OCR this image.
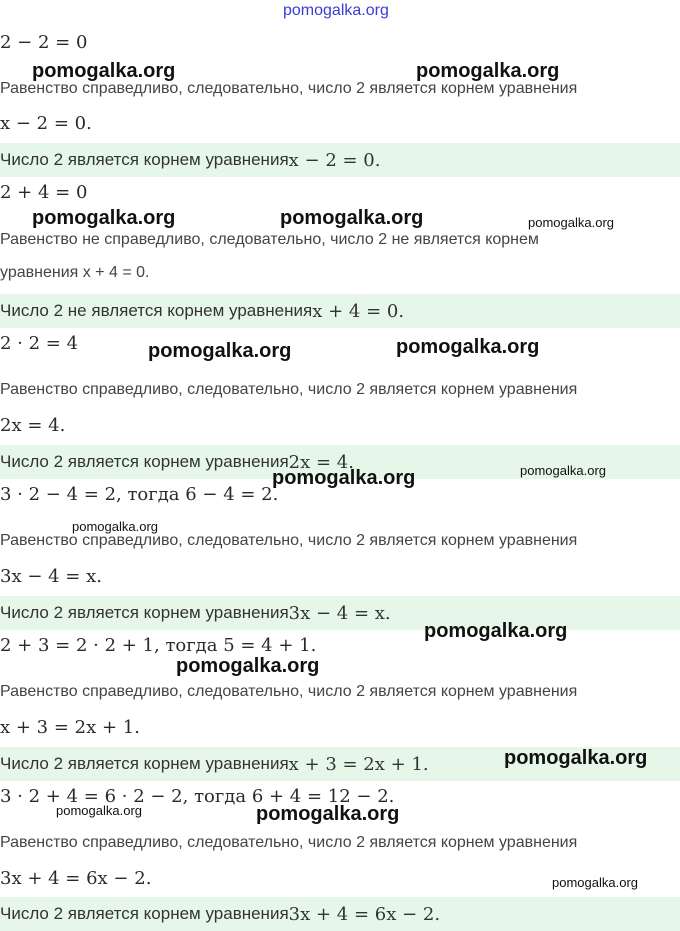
pomogalka.org
2 − 2 = 0
Равенство справедливо, следовательно, число 2 является корнем уравнения
x − 2 = 0.
Число 2 является корнем уравнения x − 2 = 0.
2 + 4 = 0
Равенство не справедливо, следовательно, число 2 не является корнем
уравнения x + 4 = 0.
Число 2 не является корнем уравнения x + 4 = 0.
2 · 2 = 4
Равенство справедливо, следовательно, число 2 является корнем уравнения
2x = 4.
Число 2 является корнем уравнения 2x = 4.
3 · 2 − 4 = 2, тогда 6 − 4 = 2.
Равенство справедливо, следовательно, число 2 является корнем уравнения
3x − 4 = x.
Число 2 является корнем уравнения 3x − 4 = x.
2 + 3 = 2 · 2 + 1, тогда 5 = 4 + 1.
Равенство справедливо, следовательно, число 2 является корнем уравнения
x + 3 = 2x + 1.
Число 2 является корнем уравнения x + 3 = 2x + 1.
3 · 2 + 4 = 6 · 2 − 2, тогда 6 + 4 = 12 − 2.
Равенство справедливо, следовательно, число 2 является корнем уравнения
3x + 4 = 6x − 2.
Число 2 является корнем уравнения 3x + 4 = 6x − 2.
pomogalka.org	pomogalka.org
pomogalka.org	pomogalka.org	pomogalka.org
pomogalka.org	pomogalka.org
pomogalka.org
pomogalka.org
pomogalka.org
pomogalka.org
pomogalka.org
pomogalka.org
pomogalka.org	pomogalka.org
pomogalka.org
